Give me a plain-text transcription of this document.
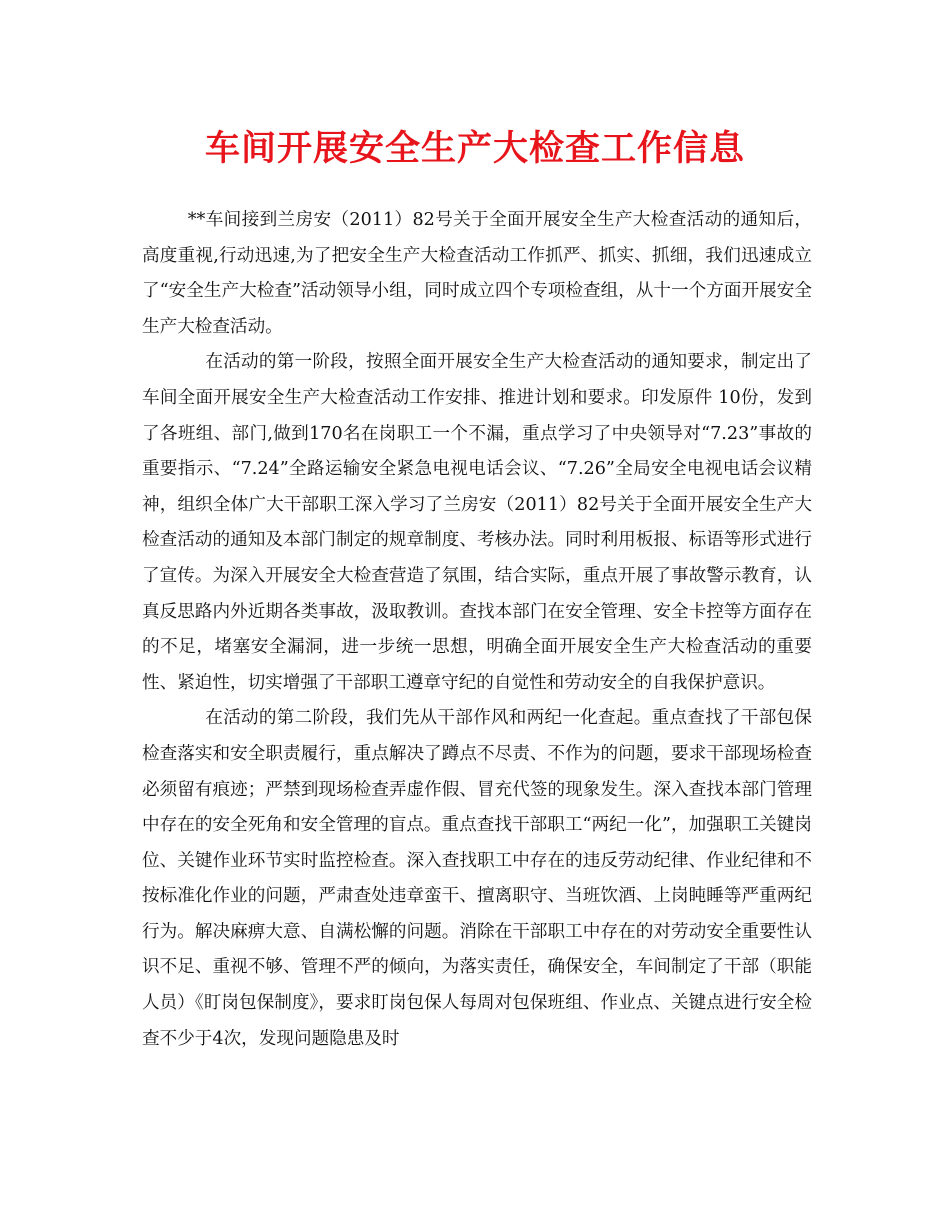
车间开展安全生产大检查工作信息

**车间接到兰房安（2011）82号关于全面开展安全生产大检查活动的通知后，高度重视,行动迅速,为了把安全生产大检查活动工作抓严、抓实、抓细，我们迅速成立了“安全生产大检查”活动领导小组，同时成立四个专项检查组，从十一个方面开展安全生产大检查活动。

在活动的第一阶段，按照全面开展安全生产大检查活动的通知要求，制定出了车间全面开展安全生产大检查活动工作安排、推进计划和要求。印发原件 10份，发到了各班组、部门,做到170名在岗职工一个不漏，重点学习了中央领导对“7.23”事故的重要指示、“7.24”全路运输安全紧急电视电话会议、“7.26”全局安全电视电话会议精神，组织全体广大干部职工深入学习了兰房安（2011）82号关于全面开展安全生产大检查活动的通知及本部门制定的规章制度、考核办法。同时利用板报、标语等形式进行了宣传。为深入开展安全大检查营造了氛围，结合实际，重点开展了事故警示教育，认真反思路内外近期各类事故，汲取教训。查找本部门在安全管理、安全卡控等方面存在的不足，堵塞安全漏洞，进一步统一思想，明确全面开展安全生产大检查活动的重要性、紧迫性，切实增强了干部职工遵章守纪的自觉性和劳动安全的自我保护意识。

在活动的第二阶段，我们先从干部作风和两纪一化查起。重点查找了干部包保检查落实和安全职责履行，重点解决了蹲点不尽责、不作为的问题，要求干部现场检查必须留有痕迹；严禁到现场检查弄虚作假、冒充代签的现象发生。深入查找本部门管理中存在的安全死角和安全管理的盲点。重点查找干部职工“两纪一化”，加强职工关键岗位、关键作业环节实时监控检查。深入查找职工中存在的违反劳动纪律、作业纪律和不按标准化作业的问题，严肃查处违章蛮干、擅离职守、当班饮酒、上岗盹睡等严重两纪行为。解决麻痹大意、自满松懈的问题。消除在干部职工中存在的对劳动安全重要性认识不足、重视不够、管理不严的倾向，为落实责任，确保安全，车间制定了干部（职能人员）《盯岗包保制度》，要求盯岗包保人每周对包保班组、作业点、关键点进行安全检查不少于4次，发现问题隐患及时
